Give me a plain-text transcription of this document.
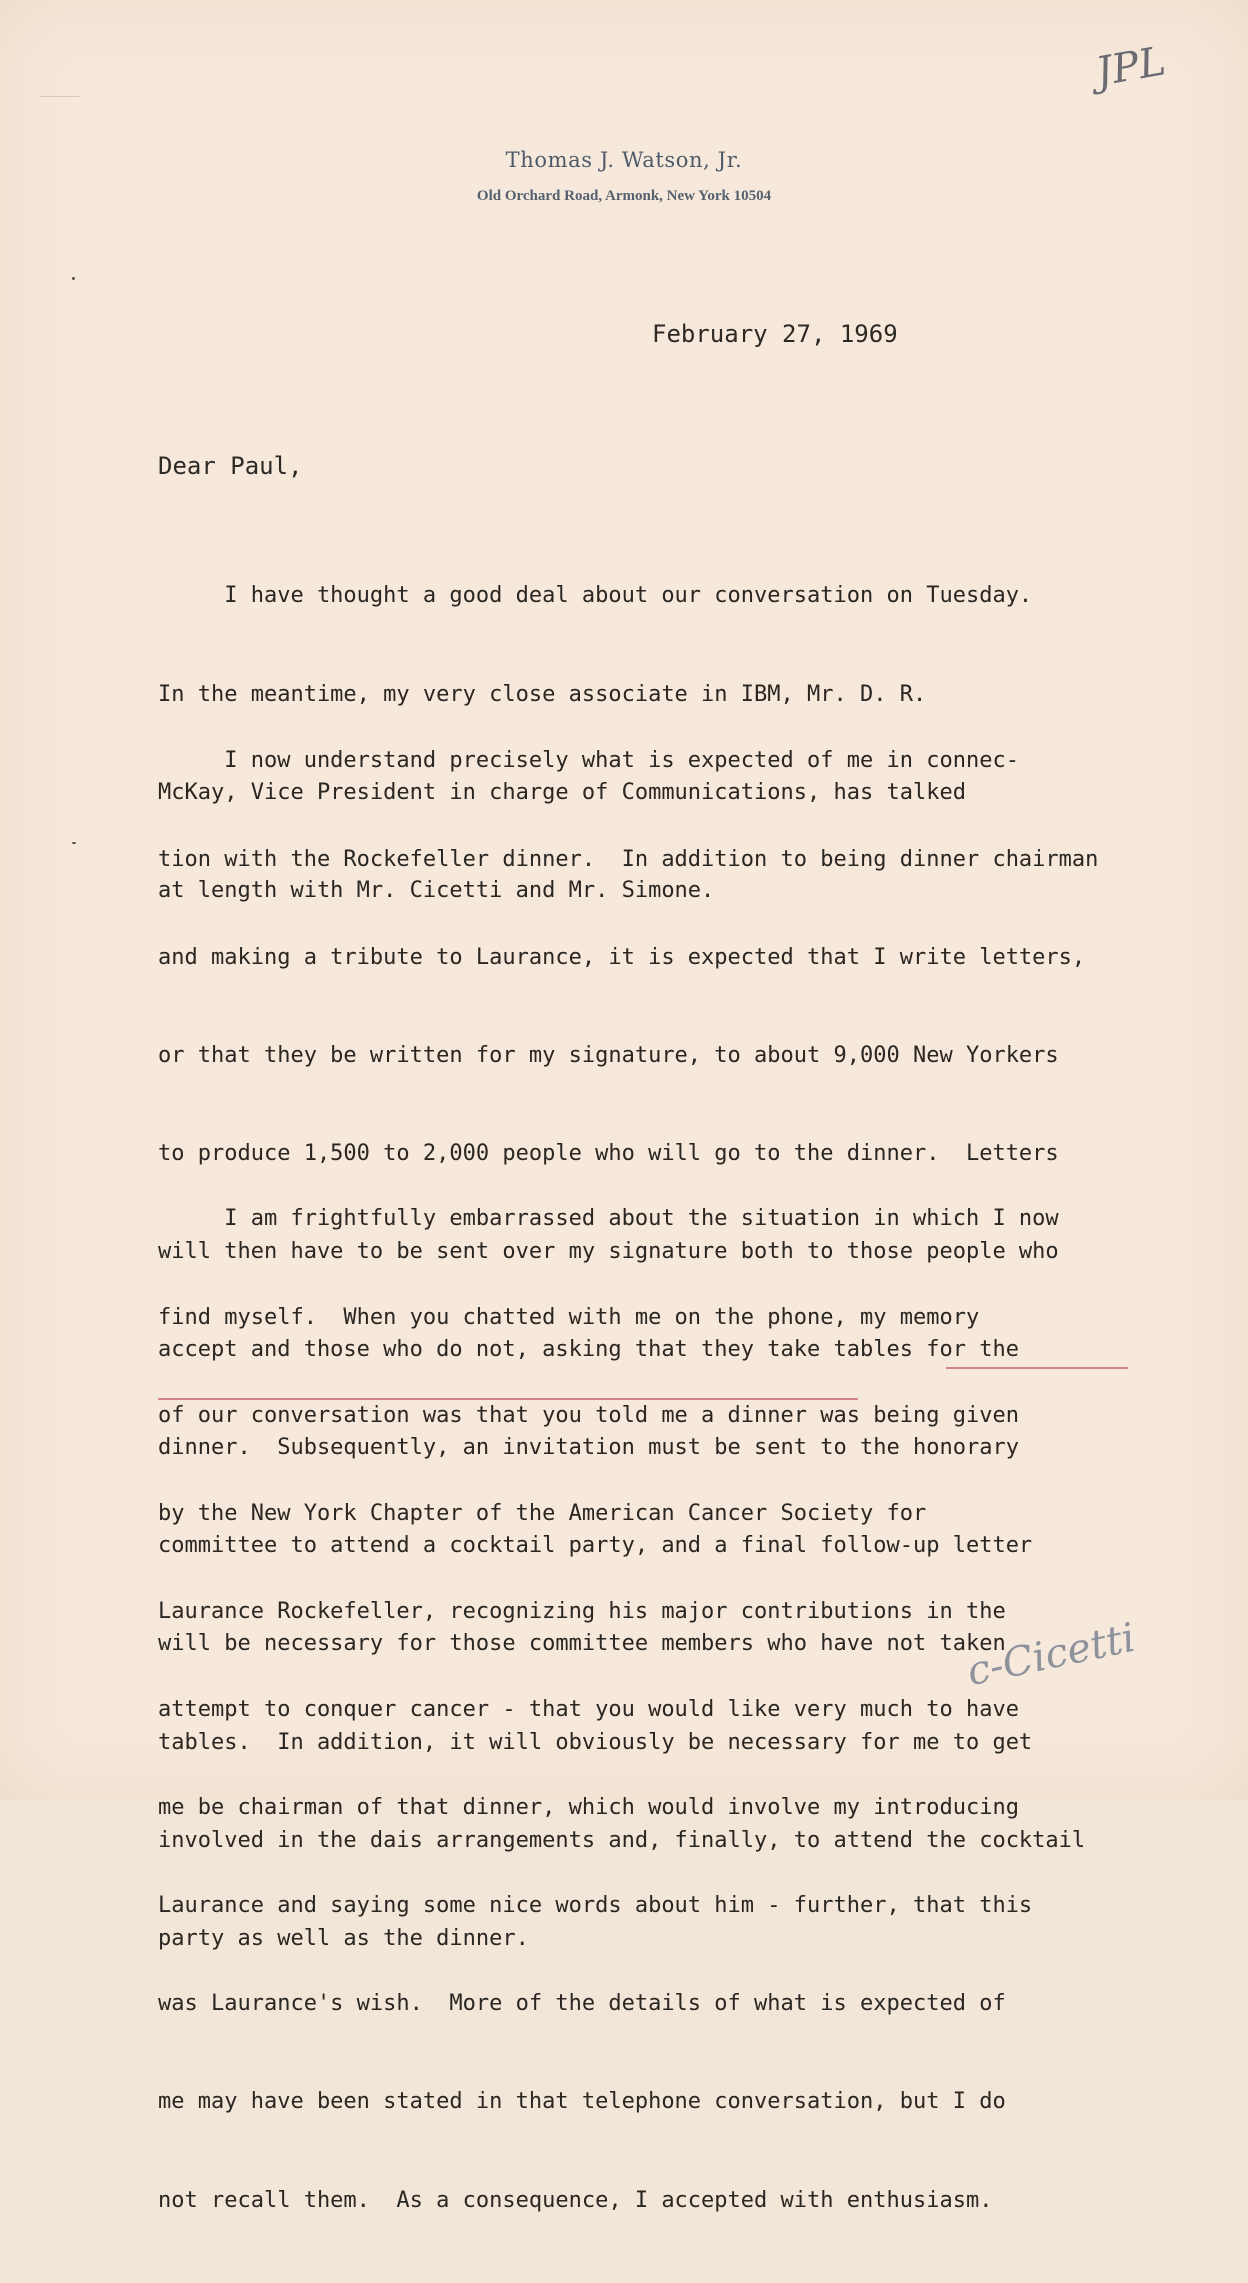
JPL
Thomas J. Watson, Jr.
Old Orchard Road, Armonk, New York 10504
February 27, 1969
Dear Paul,

I have thought a good deal about our conversation on Tuesday.

In the meantime, my very close associate in IBM, Mr. D. R.

McKay, Vice President in charge of Communications, has talked

at length with Mr. Cicetti and Mr. Simone.

I now understand precisely what is expected of me in connec-

tion with the Rockefeller dinner.  In addition to being dinner chairman

and making a tribute to Laurance, it is expected that I write letters,

or that they be written for my signature, to about 9,000 New Yorkers

to produce 1,500 to 2,000 people who will go to the dinner.  Letters

will then have to be sent over my signature both to those people who

accept and those who do not, asking that they take tables for the

dinner.  Subsequently, an invitation must be sent to the honorary

committee to attend a cocktail party, and a final follow-up letter

will be necessary for those committee members who have not taken

tables.  In addition, it will obviously be necessary for me to get

involved in the dais arrangements and, finally, to attend the cocktail

party as well as the dinner.

I am frightfully embarrassed about the situation in which I now

find myself.  When you chatted with me on the phone, my memory

of our conversation was that you told me a dinner was being given

by the New York Chapter of the American Cancer Society for

Laurance Rockefeller, recognizing his major contributions in the

attempt to conquer cancer - that you would like very much to have

me be chairman of that dinner, which would involve my introducing

Laurance and saying some nice words about him - further, that this

was Laurance's wish.  More of the details of what is expected of

me may have been stated in that telephone conversation, but I do

not recall them.  As a consequence, I accepted with enthusiasm.

c-Cicetti
